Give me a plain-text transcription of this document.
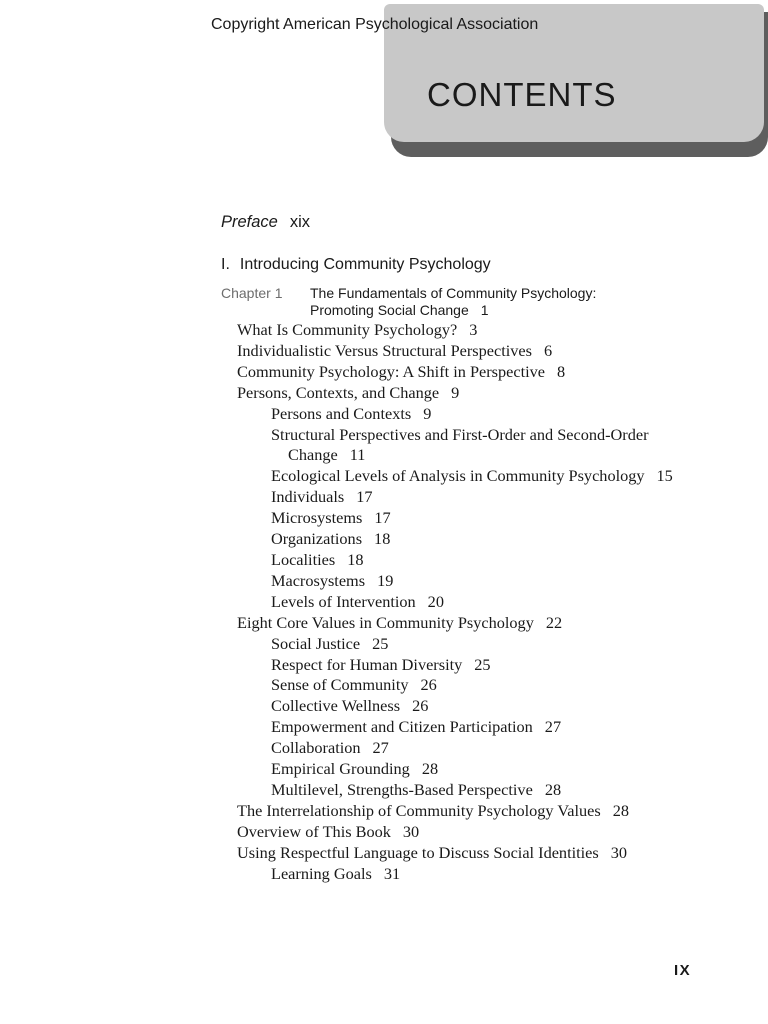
Copyright American Psychological Association
CONTENTS
Preface xix
I. Introducing Community Psychology
Chapter 1 The Fundamentals of Community Psychology:
Promoting Social Change 1
What Is Community Psychology? 3
Individualistic Versus Structural Perspectives 6
Community Psychology: A Shift in Perspective 8
Persons, Contexts, and Change 9
Persons and Contexts 9
Structural Perspectives and First-Order and Second-Order
Change 11
Ecological Levels of Analysis in Community Psychology 15
Individuals 17
Microsystems 17
Organizations 18
Localities 18
Macrosystems 19
Levels of Intervention 20
Eight Core Values in Community Psychology 22
Social Justice 25
Respect for Human Diversity 25
Sense of Community 26
Collective Wellness 26
Empowerment and Citizen Participation 27
Collaboration 27
Empirical Grounding 28
Multilevel, Strengths-Based Perspective 28
The Interrelationship of Community Psychology Values 28
Overview of This Book 30
Using Respectful Language to Discuss Social Identities 30
Learning Goals 31
IX
